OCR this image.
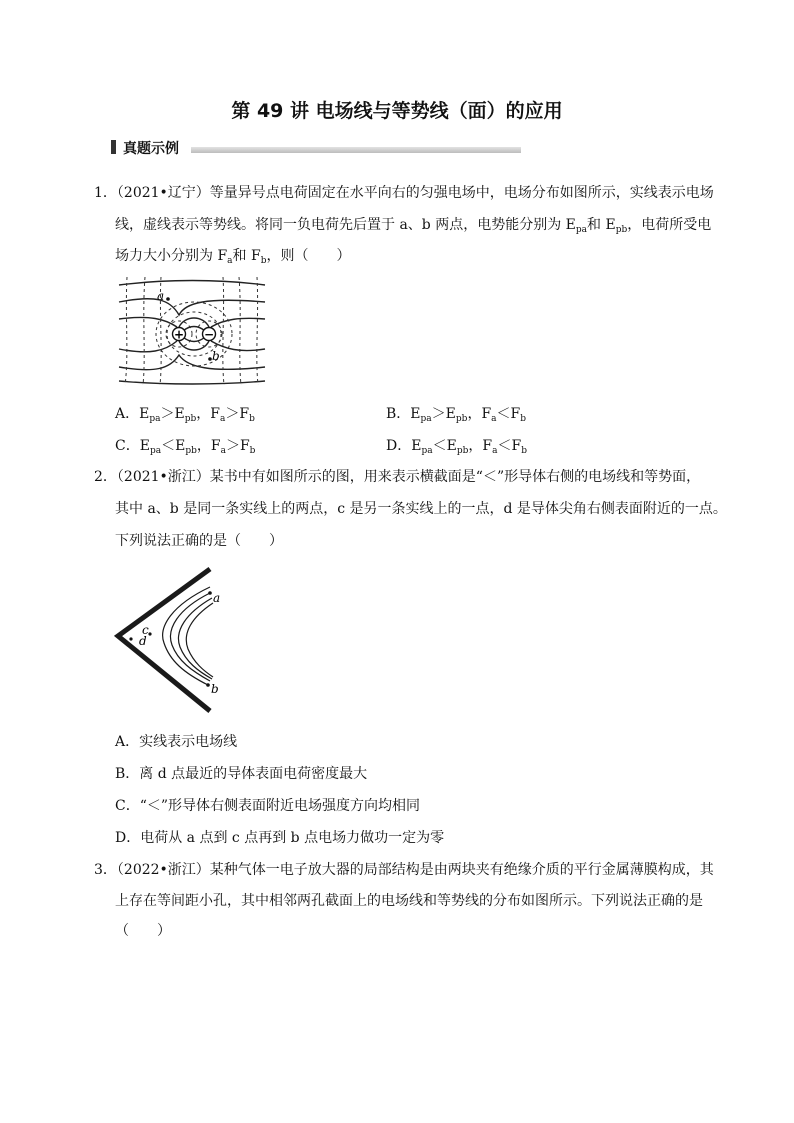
第 49 讲 电场线与等势线（面）的应用
真题示例
1．（2021•辽宁）等量异号点电荷固定在水平向右的匀强电场中，电场分布如图所示，实线表示电场
线，虚线表示等势线。将同一负电荷先后置于 a、b 两点，电势能分别为 $E_{pa}$和 $E_{pb}$，电荷所受电
场力大小分别为 $F_a$和 $F_b$，则（　　）
+ −
a
b
A．$E_{pa}>E_{pb}$，$F_a>F_b$	B．$E_{pa}>E_{pb}$，$F_a<F_b$
C．$E_{pa}<E_{pb}$，$F_a>F_b$	D．$E_{pa}<E_{pb}$，$F_a<F_b$
2．（2021•浙江）某书中有如图所示的图，用来表示横截面是“＜”形导体右侧的电场线和等势面，
其中 a、b 是同一条实线上的两点，c 是另一条实线上的一点，d 是导体尖角右侧表面附近的一点。
下列说法正确的是（　　）
a
b
c
d
A．实线表示电场线
B．离 d 点最近的导体表面电荷密度最大
C．“＜”形导体右侧表面附近电场强度方向均相同
D．电荷从 a 点到 c 点再到 b 点电场力做功一定为零
3．（2022•浙江）某种气体一电子放大器的局部结构是由两块夹有绝缘介质的平行金属薄膜构成，其
上存在等间距小孔，其中相邻两孔截面上的电场线和等势线的分布如图所示。下列说法正确的是
（　　）
